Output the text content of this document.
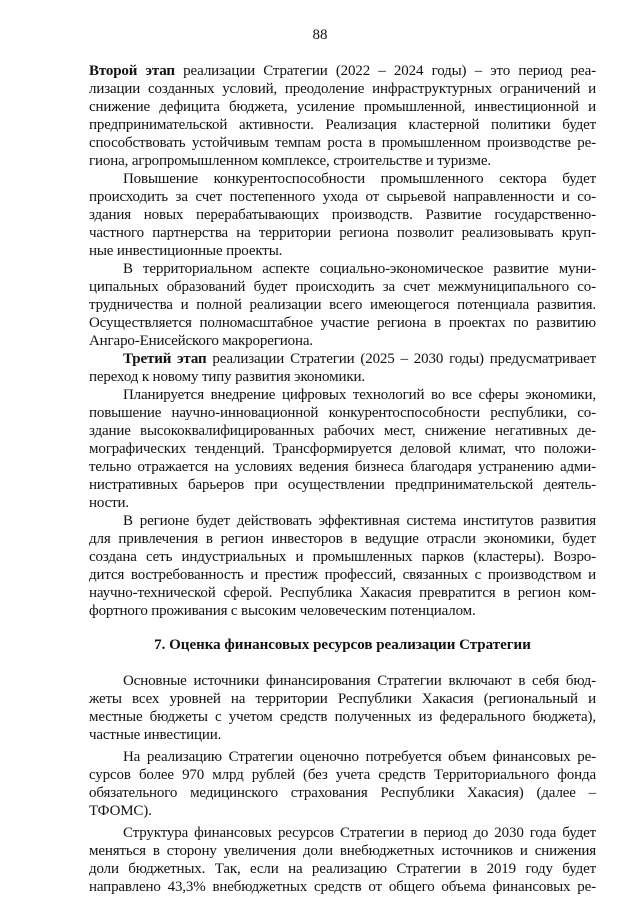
88
Второй этап реализации Стратегии (2022 – 2024 годы) – это период реа-
лизации созданных условий, преодоление инфраструктурных ограничений и
снижение дефицита бюджета, усиление промышленной, инвестиционной и
предпринимательской активности. Реализация кластерной политики будет
способствовать устойчивым темпам роста в промышленном производстве ре-
гиона, агропромышленном комплексе, строительстве и туризме.
Повышение конкурентоспособности промышленного сектора будет
происходить за счет постепенного ухода от сырьевой направленности и со-
здания новых перерабатывающих производств. Развитие государственно-
частного партнерства на территории региона позволит реализовывать круп-
ные инвестиционные проекты.
В территориальном аспекте социально-экономическое развитие муни-
ципальных образований будет происходить за счет межмуниципального со-
трудничества и полной реализации всего имеющегося потенциала развития.
Осуществляется полномасштабное участие региона в проектах по развитию
Ангаро-Енисейского макрорегиона.
Третий этап реализации Стратегии (2025 – 2030 годы) предусматривает
переход к новому типу развития экономики.
Планируется внедрение цифровых технологий во все сферы экономики,
повышение научно-инновационной конкурентоспособности республики, со-
здание высококвалифицированных рабочих мест, снижение негативных де-
мографических тенденций. Трансформируется деловой климат, что положи-
тельно отражается на условиях ведения бизнеса благодаря устранению адми-
нистративных барьеров при осуществлении предпринимательской деятель-
ности.
В регионе будет действовать эффективная система институтов развития
для привлечения в регион инвесторов в ведущие отрасли экономики, будет
создана сеть индустриальных и промышленных парков (кластеры). Возро-
дится востребованность и престиж профессий, связанных с производством и
научно-технической сферой. Республика Хакасия превратится в регион ком-
фортного проживания с высоким человеческим потенциалом.
7. Оценка финансовых ресурсов реализации Стратегии
Основные источники финансирования Стратегии включают в себя бюд-
жеты всех уровней на территории Республики Хакасия (региональный и
местные бюджеты с учетом средств полученных из федерального бюджета),
частные инвестиции.
На реализацию Стратегии оценочно потребуется объем финансовых ре-
сурсов более 970 млрд рублей (без учета средств Территориального фонда
обязательного медицинского страхования Республики Хакасия) (далее –
ТФОМС).
Структура финансовых ресурсов Стратегии в период до 2030 года будет
меняться в сторону увеличения доли внебюджетных источников и снижения
доли бюджетных. Так, если на реализацию Стратегии в 2019 году будет
направлено 43,3% внебюджетных средств от общего объема финансовых ре-
